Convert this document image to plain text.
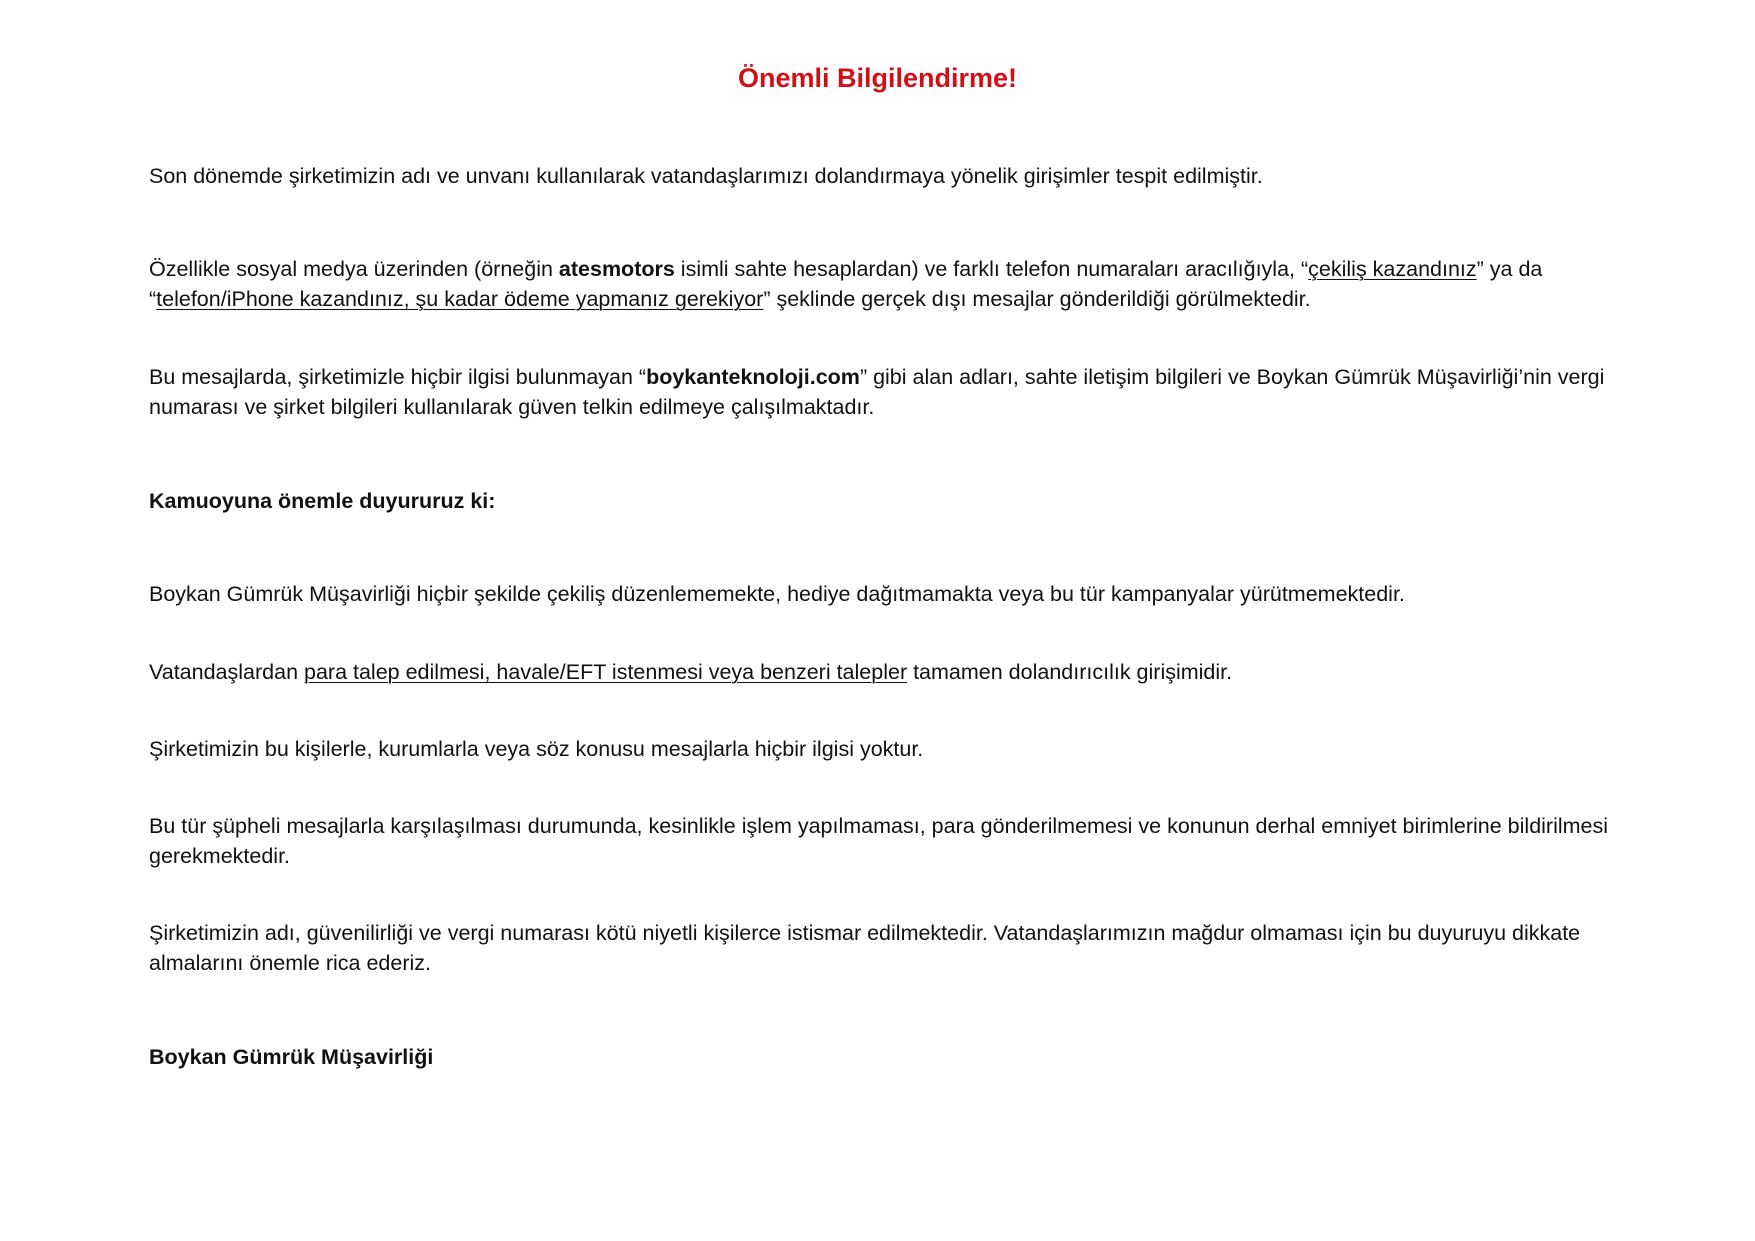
Önemli Bilgilendirme!

Son dönemde şirketimizin adı ve unvanı kullanılarak vatandaşlarımızı dolandırmaya yönelik girişimler tespit edilmiştir.

Özellikle sosyal medya üzerinden (örneğin atesmotors isimli sahte hesaplardan) ve farklı telefon numaraları aracılığıyla, “çekiliş kazandınız” ya da “telefon/iPhone kazandınız, şu kadar ödeme yapmanız gerekiyor” şeklinde gerçek dışı mesajlar gönderildiği görülmektedir.

Bu mesajlarda, şirketimizle hiçbir ilgisi bulunmayan “boykanteknoloji.com” gibi alan adları, sahte iletişim bilgileri ve Boykan Gümrük Müşavirliği’nin vergi numarası ve şirket bilgileri kullanılarak güven telkin edilmeye çalışılmaktadır.

Kamuoyuna önemle duyururuz ki:

Boykan Gümrük Müşavirliği hiçbir şekilde çekiliş düzenlememekte, hediye dağıtmamakta veya bu tür kampanyalar yürütmemektedir.

Vatandaşlardan para talep edilmesi, havale/EFT istenmesi veya benzeri talepler tamamen dolandırıcılık girişimidir.

Şirketimizin bu kişilerle, kurumlarla veya söz konusu mesajlarla hiçbir ilgisi yoktur.

Bu tür şüpheli mesajlarla karşılaşılması durumunda, kesinlikle işlem yapılmaması, para gönderilmemesi ve konunun derhal emniyet birimlerine bildirilmesi gerekmektedir.

Şirketimizin adı, güvenilirliği ve vergi numarası kötü niyetli kişilerce istismar edilmektedir. Vatandaşlarımızın mağdur olmaması için bu duyuruyu dikkate almalarını önemle rica ederiz.

Boykan Gümrük Müşavirliği
